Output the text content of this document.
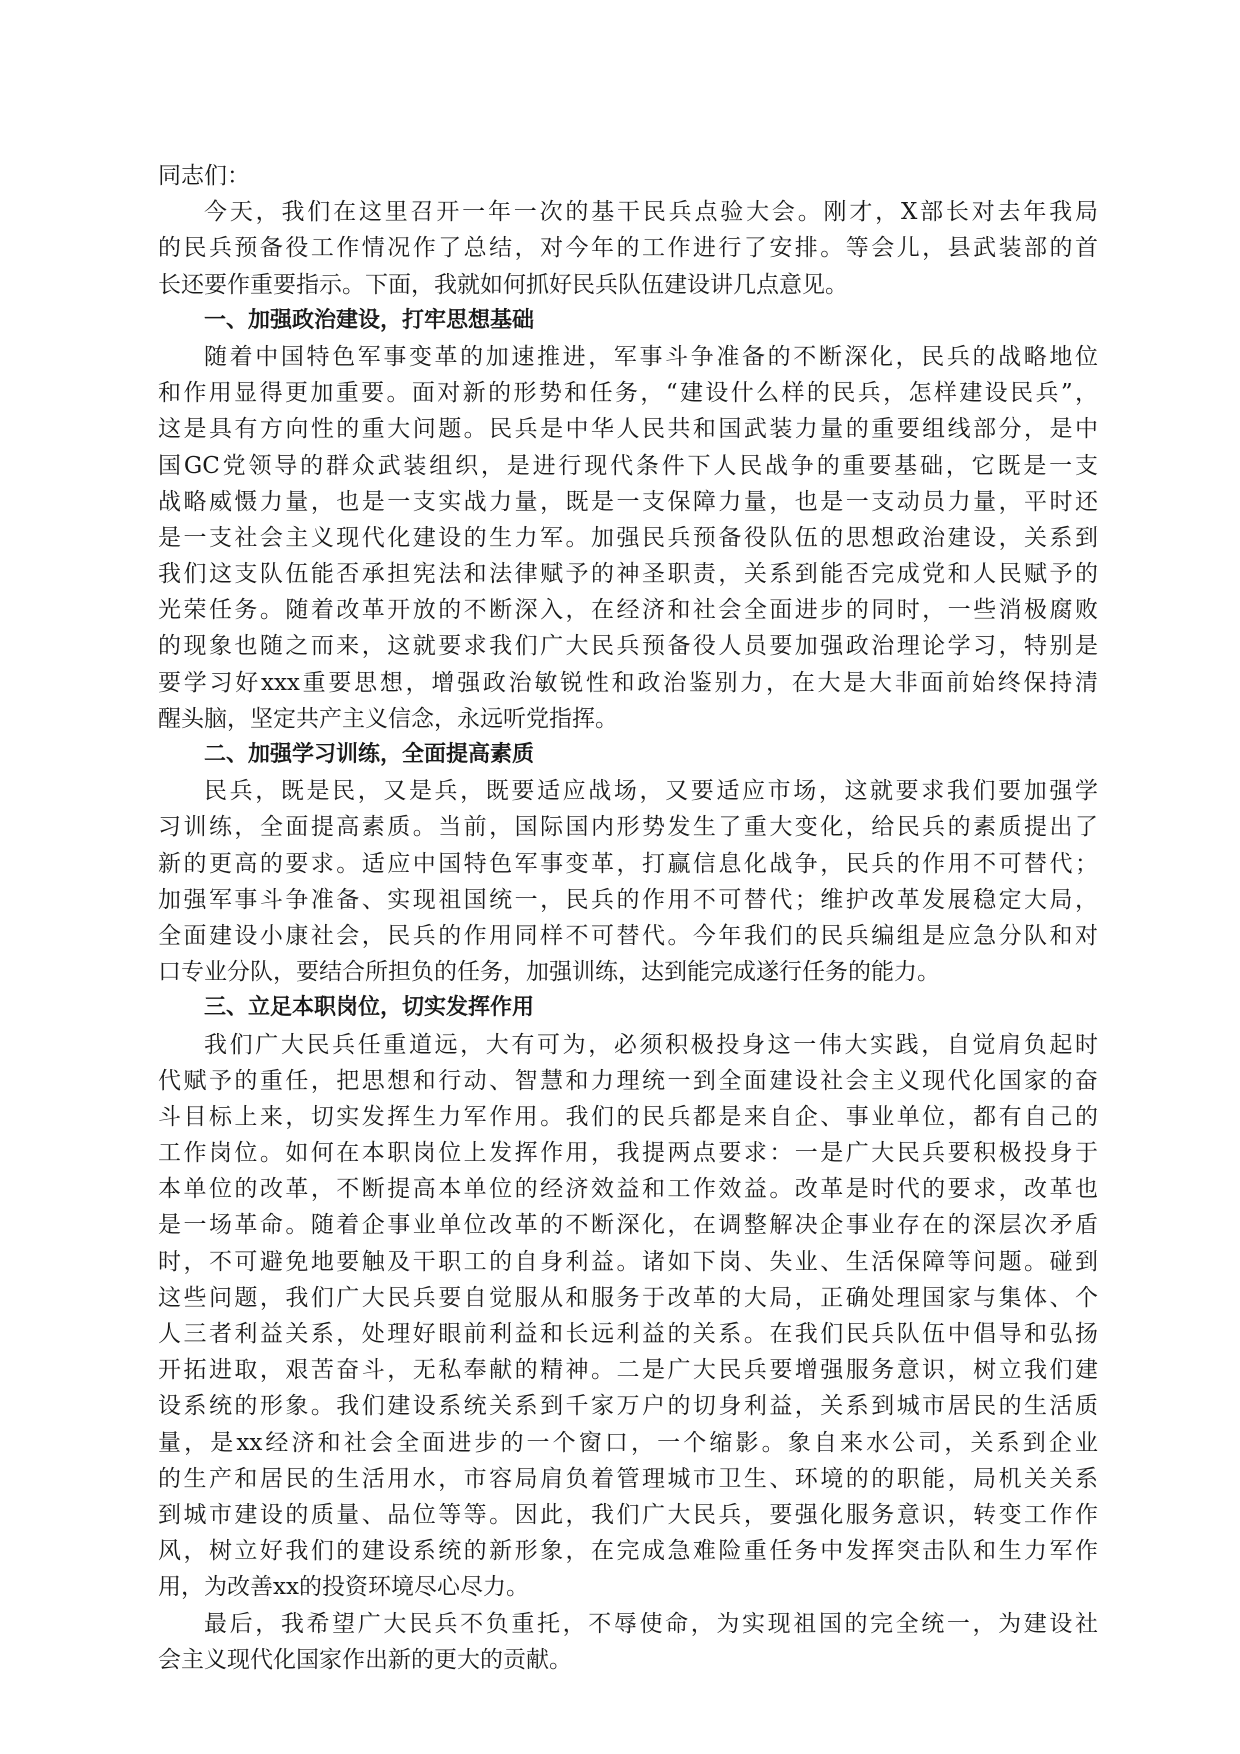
同志们：
今天，我们在这里召开一年一次的基干民兵点验大会。刚才，X部长对去年我局
的民兵预备役工作情况作了总结，对今年的工作进行了安排。等会儿，县武装部的首
长还要作重要指示。下面，我就如何抓好民兵队伍建设讲几点意见。
一、加强政治建设，打牢思想基础
随着中国特色军事变革的加速推进，军事斗争准备的不断深化，民兵的战略地位
和作用显得更加重要。面对新的形势和任务，“建设什么样的民兵，怎样建设民兵”，
这是具有方向性的重大问题。民兵是中华人民共和国武装力量的重要组线部分，是中
国GC党领导的群众武装组织，是进行现代条件下人民战争的重要基础，它既是一支
战略威慑力量，也是一支实战力量，既是一支保障力量，也是一支动员力量，平时还
是一支社会主义现代化建设的生力军。加强民兵预备役队伍的思想政治建设，关系到
我们这支队伍能否承担宪法和法律赋予的神圣职责，关系到能否完成党和人民赋予的
光荣任务。随着改革开放的不断深入，在经济和社会全面进步的同时，一些消极腐败
的现象也随之而来，这就要求我们广大民兵预备役人员要加强政治理论学习，特别是
要学习好xxx重要思想，增强政治敏锐性和政治鉴别力，在大是大非面前始终保持清
醒头脑，坚定共产主义信念，永远听党指挥。
二、加强学习训练，全面提高素质
民兵，既是民，又是兵，既要适应战场，又要适应市场，这就要求我们要加强学
习训练，全面提高素质。当前，国际国内形势发生了重大变化，给民兵的素质提出了
新的更高的要求。适应中国特色军事变革，打赢信息化战争，民兵的作用不可替代；
加强军事斗争准备、实现祖国统一，民兵的作用不可替代；维护改革发展稳定大局，
全面建设小康社会，民兵的作用同样不可替代。今年我们的民兵编组是应急分队和对
口专业分队，要结合所担负的任务，加强训练，达到能完成遂行任务的能力。
三、立足本职岗位，切实发挥作用
我们广大民兵任重道远，大有可为，必须积极投身这一伟大实践，自觉肩负起时
代赋予的重任，把思想和行动、智慧和力理统一到全面建设社会主义现代化国家的奋
斗目标上来，切实发挥生力军作用。我们的民兵都是来自企、事业单位，都有自己的
工作岗位。如何在本职岗位上发挥作用，我提两点要求：一是广大民兵要积极投身于
本单位的改革，不断提高本单位的经济效益和工作效益。改革是时代的要求，改革也
是一场革命。随着企事业单位改革的不断深化，在调整解决企事业存在的深层次矛盾
时，不可避免地要触及干职工的自身利益。诸如下岗、失业、生活保障等问题。碰到
这些问题，我们广大民兵要自觉服从和服务于改革的大局，正确处理国家与集体、个
人三者利益关系，处理好眼前利益和长远利益的关系。在我们民兵队伍中倡导和弘扬
开拓进取，艰苦奋斗，无私奉献的精神。二是广大民兵要增强服务意识，树立我们建
设系统的形象。我们建设系统关系到千家万户的切身利益，关系到城市居民的生活质
量，是xx经济和社会全面进步的一个窗口，一个缩影。象自来水公司，关系到企业
的生产和居民的生活用水，市容局肩负着管理城市卫生、环境的的职能，局机关关系
到城市建设的质量、品位等等。因此，我们广大民兵，要强化服务意识，转变工作作
风，树立好我们的建设系统的新形象，在完成急难险重任务中发挥突击队和生力军作
用，为改善xx的投资环境尽心尽力。
最后，我希望广大民兵不负重托，不辱使命，为实现祖国的完全统一，为建设社
会主义现代化国家作出新的更大的贡献。
